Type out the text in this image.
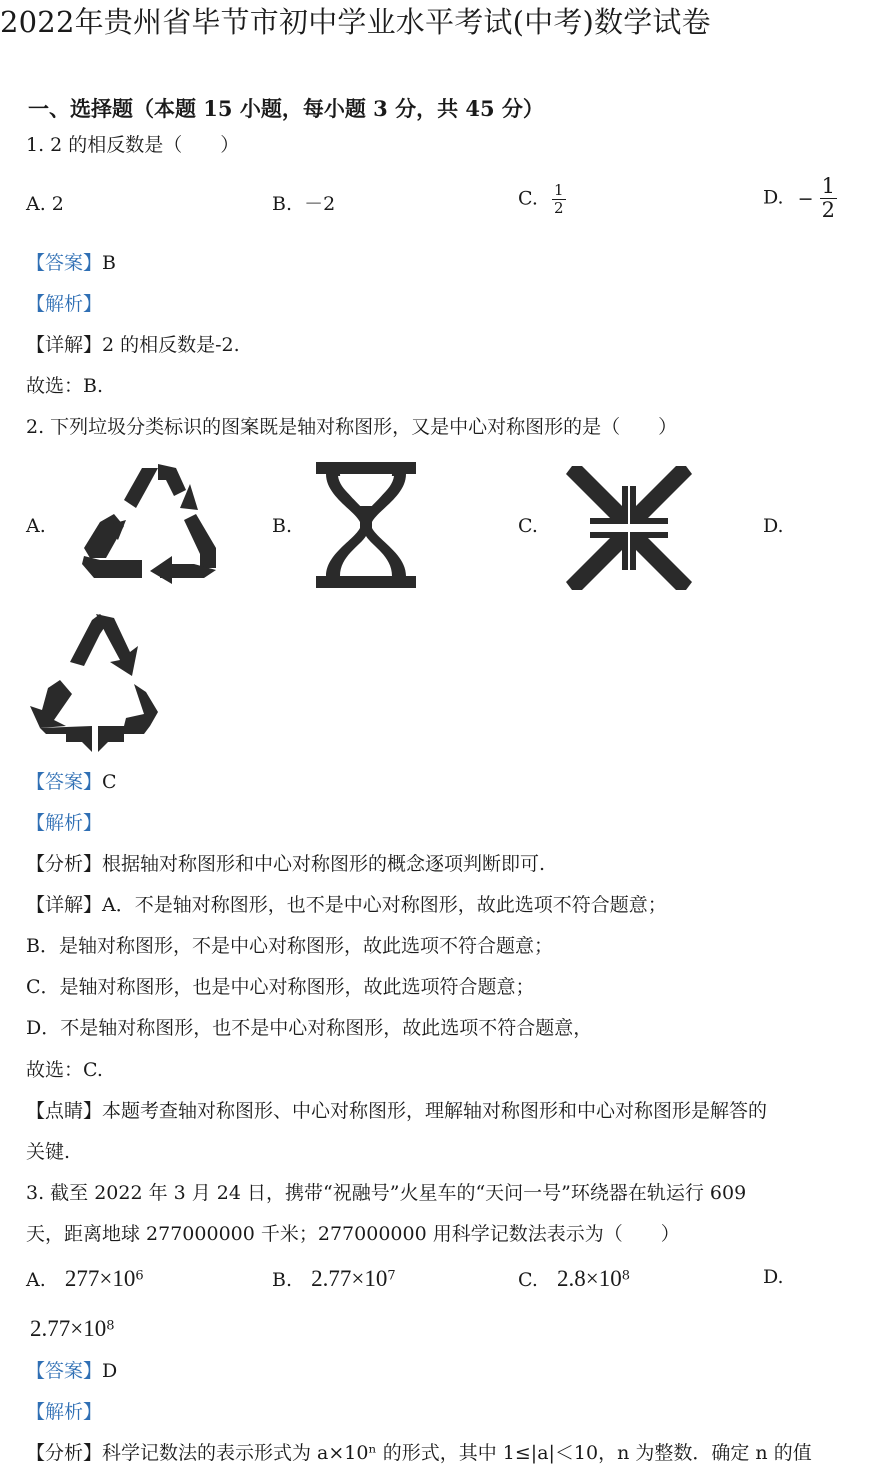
2022年贵州省毕节市初中学业水平考试(中考)数学试卷
一、选择题（本题 15 小题，每小题 3 分，共 45 分）
1. 2 的相反数是（　　）
A. 2	B. －2	C. $\frac{1}{2}$	D. − $\frac{1}{2}$
【答案】B
【解析】
【详解】2 的相反数是-2.
故选：B.
2. 下列垃圾分类标识的图案既是轴对称图形，又是中心对称图形的是（　　）
A.	B.	C.	D.
【答案】C
【解析】
【分析】根据轴对称图形和中心对称图形的概念逐项判断即可.
【详解】A．不是轴对称图形，也不是中心对称图形，故此选项不符合题意；
B．是轴对称图形，不是中心对称图形，故此选项不符合题意；
C．是轴对称图形，也是中心对称图形，故此选项符合题意；
D．不是轴对称图形，也不是中心对称图形，故此选项不符合题意，
故选：C.
【点睛】本题考查轴对称图形、中心对称图形，理解轴对称图形和中心对称图形是解答的
关键.
3. 截至 2022 年 3 月 24 日，携带“祝融号”火星车的“天问一号”环绕器在轨运行 609
天，距离地球 277000000 千米；277000000 用科学记数法表示为（　　）
A. $277\times 10^6$	B. $2.77\times 10^7$	C. $2.8\times 10^8$	D.
$2.77\times 10^8$
【答案】D
【解析】
【分析】科学记数法的表示形式为 a×10ⁿ 的形式，其中 1≤|a|＜10，n 为整数．确定 n 的值
